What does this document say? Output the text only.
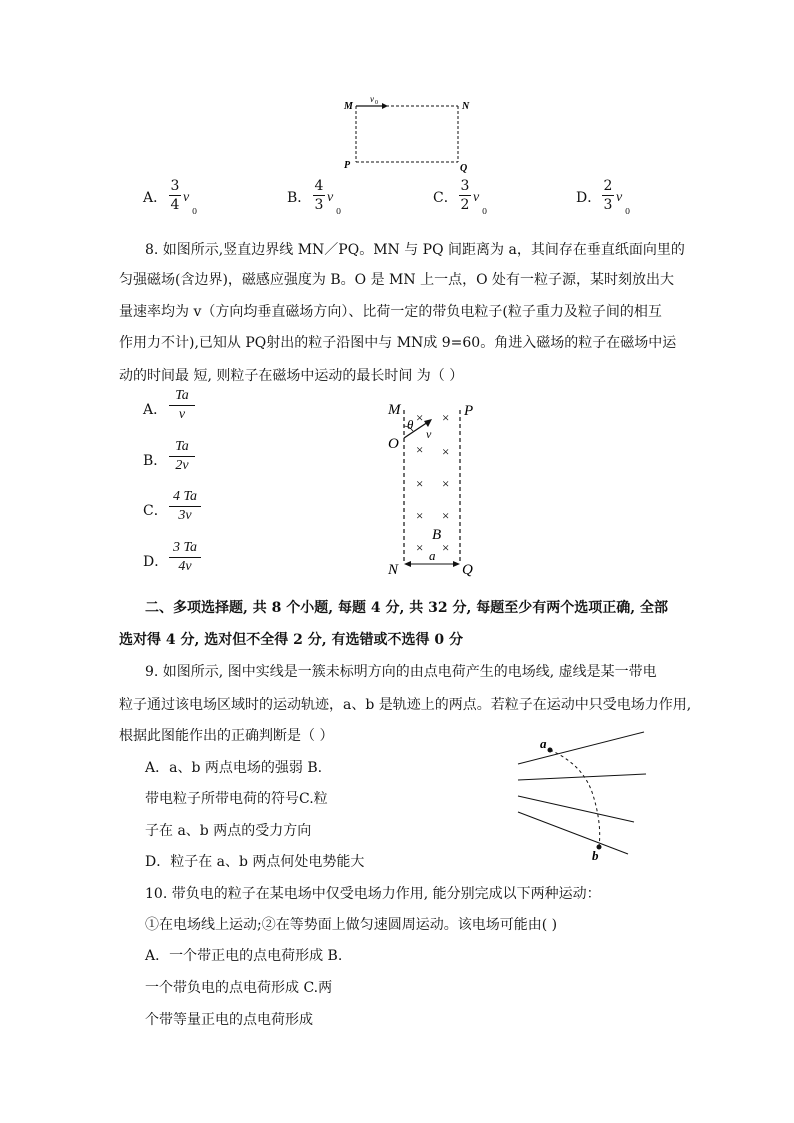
M	N
P	Q
v 0
A．
3
4 v
0
B．
4
3 v
0
C．
3
2 v
0
D．
2
3 v
0
8. 如图所示,竖直边界线 MN／PQ。MN 与 PQ 间距离为 a，其间存在垂直纸面向里的
匀强磁场(含边界)，磁感应强度为 B。O 是 MN 上一点，O 处有一粒子源，某时刻放出大
量速率均为 v（方向均垂直磁场方向）、比荷一定的带负电粒子(粒子重力及粒子间的相互
作用力不计),已知从 PQ射出的粒子沿图中与 MN成 9=60。角进入磁场的粒子在磁场中运
动的时间最 短, 则粒子在磁场中运动的最长时间 为（ ）
A．
Ta
v
B．
Ta
2v
C．
4 Ta
3v
D．
3 Ta
4v
M	P
O
θ
v
B
a
N	Q
× ×
×
×
× ×
× ×
× ×
二、多项选择题, 共 8 个小题, 每题 4 分, 共 32 分, 每题至少有两个选项正确, 全部
选对得 4 分, 选对但不全得 2 分, 有选错或不选得 0 分
9. 如图所示, 图中实线是一簇未标明方向的由点电荷产生的电场线, 虚线是某一带电
粒子通过该电场区域时的运动轨迹，a、b 是轨迹上的两点。若粒子在运动中只受电场力作用,
根据此图能作出的正确判断是（ ）
A．a、b 两点电场的强弱 B.
带电粒子所带电荷的符号C.粒
子在 a、b 两点的受力方向
D．粒子在 a、b 两点何处电势能大
a
b
10. 带负电的粒子在某电场中仅受电场力作用, 能分别完成以下两种运动：
①在电场线上运动;②在等势面上做匀速圆周运动。该电场可能由( )
A．一个带正电的点电荷形成 B.
一个带负电的点电荷形成 C.两
个带等量正电的点电荷形成
